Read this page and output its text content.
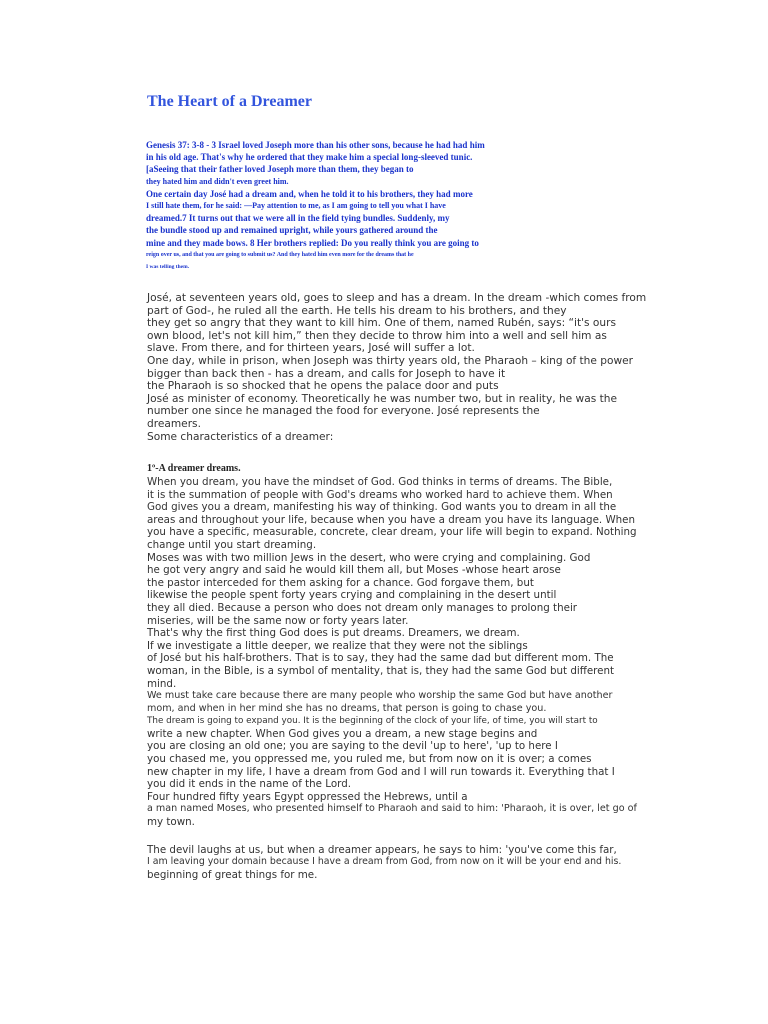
The Heart of a Dreamer
Genesis 37: 3-8 - 3 Israel loved Joseph more than his other sons, because he had had him
in his old age. That's why he ordered that they make him a special long-sleeved tunic.
[aSeeing that their father loved Joseph more than them, they began to
they hated him and didn't even greet him.
One certain day José had a dream and, when he told it to his brothers, they had more
I still hate them, for he said: —Pay attention to me, as I am going to tell you what I have
dreamed.7 It turns out that we were all in the field tying bundles. Suddenly, my
the bundle stood up and remained upright, while yours gathered around the
mine and they made bows. 8 Her brothers replied: Do you really think you are going to
reign over us, and that you are going to submit us? And they hated him even more for the dreams that he
I was telling them.
José, at seventeen years old, goes to sleep and has a dream. In the dream -which comes from
part of God-, he ruled all the earth. He tells his dream to his brothers, and they
they get so angry that they want to kill him. One of them, named Rubén, says: “it's ours
own blood, let's not kill him,” then they decide to throw him into a well and sell him as
slave. From there, and for thirteen years, José will suffer a lot.
One day, while in prison, when Joseph was thirty years old, the Pharaoh – king of the power
bigger than back then - has a dream, and calls for Joseph to have it
the Pharaoh is so shocked that he opens the palace door and puts
José as minister of economy. Theoretically he was number two, but in reality, he was the
number one since he managed the food for everyone. José represents the
dreamers.
Some characteristics of a dreamer:
1º-A dreamer dreams.
When you dream, you have the mindset of God. God thinks in terms of dreams. The Bible,
it is the summation of people with God's dreams who worked hard to achieve them. When
God gives you a dream, manifesting his way of thinking. God wants you to dream in all the
areas and throughout your life, because when you have a dream you have its language. When
you have a specific, measurable, concrete, clear dream, your life will begin to expand. Nothing
change until you start dreaming.
Moses was with two million Jews in the desert, who were crying and complaining. God
he got very angry and said he would kill them all, but Moses -whose heart arose
the pastor interceded for them asking for a chance. God forgave them, but
likewise the people spent forty years crying and complaining in the desert until
they all died. Because a person who does not dream only manages to prolong their
miseries, will be the same now or forty years later.
That's why the first thing God does is put dreams. Dreamers, we dream.
If we investigate a little deeper, we realize that they were not the siblings
of José but his half-brothers. That is to say, they had the same dad but different mom. The
woman, in the Bible, is a symbol of mentality, that is, they had the same God but different
mind.
We must take care because there are many people who worship the same God but have another
mom, and when in her mind she has no dreams, that person is going to chase you.
The dream is going to expand you. It is the beginning of the clock of your life, of time, you will start to
write a new chapter. When God gives you a dream, a new stage begins and
you are closing an old one; you are saying to the devil 'up to here', 'up to here I
you chased me, you oppressed me, you ruled me, but from now on it is over; a comes
new chapter in my life, I have a dream from God and I will run towards it. Everything that I
you did it ends in the name of the Lord.
Four hundred fifty years Egypt oppressed the Hebrews, until a
a man named Moses, who presented himself to Pharaoh and said to him: 'Pharaoh, it is over, let go of
my town.
The devil laughs at us, but when a dreamer appears, he says to him: 'you've come this far,
I am leaving your domain because I have a dream from God, from now on it will be your end and his.
beginning of great things for me.
